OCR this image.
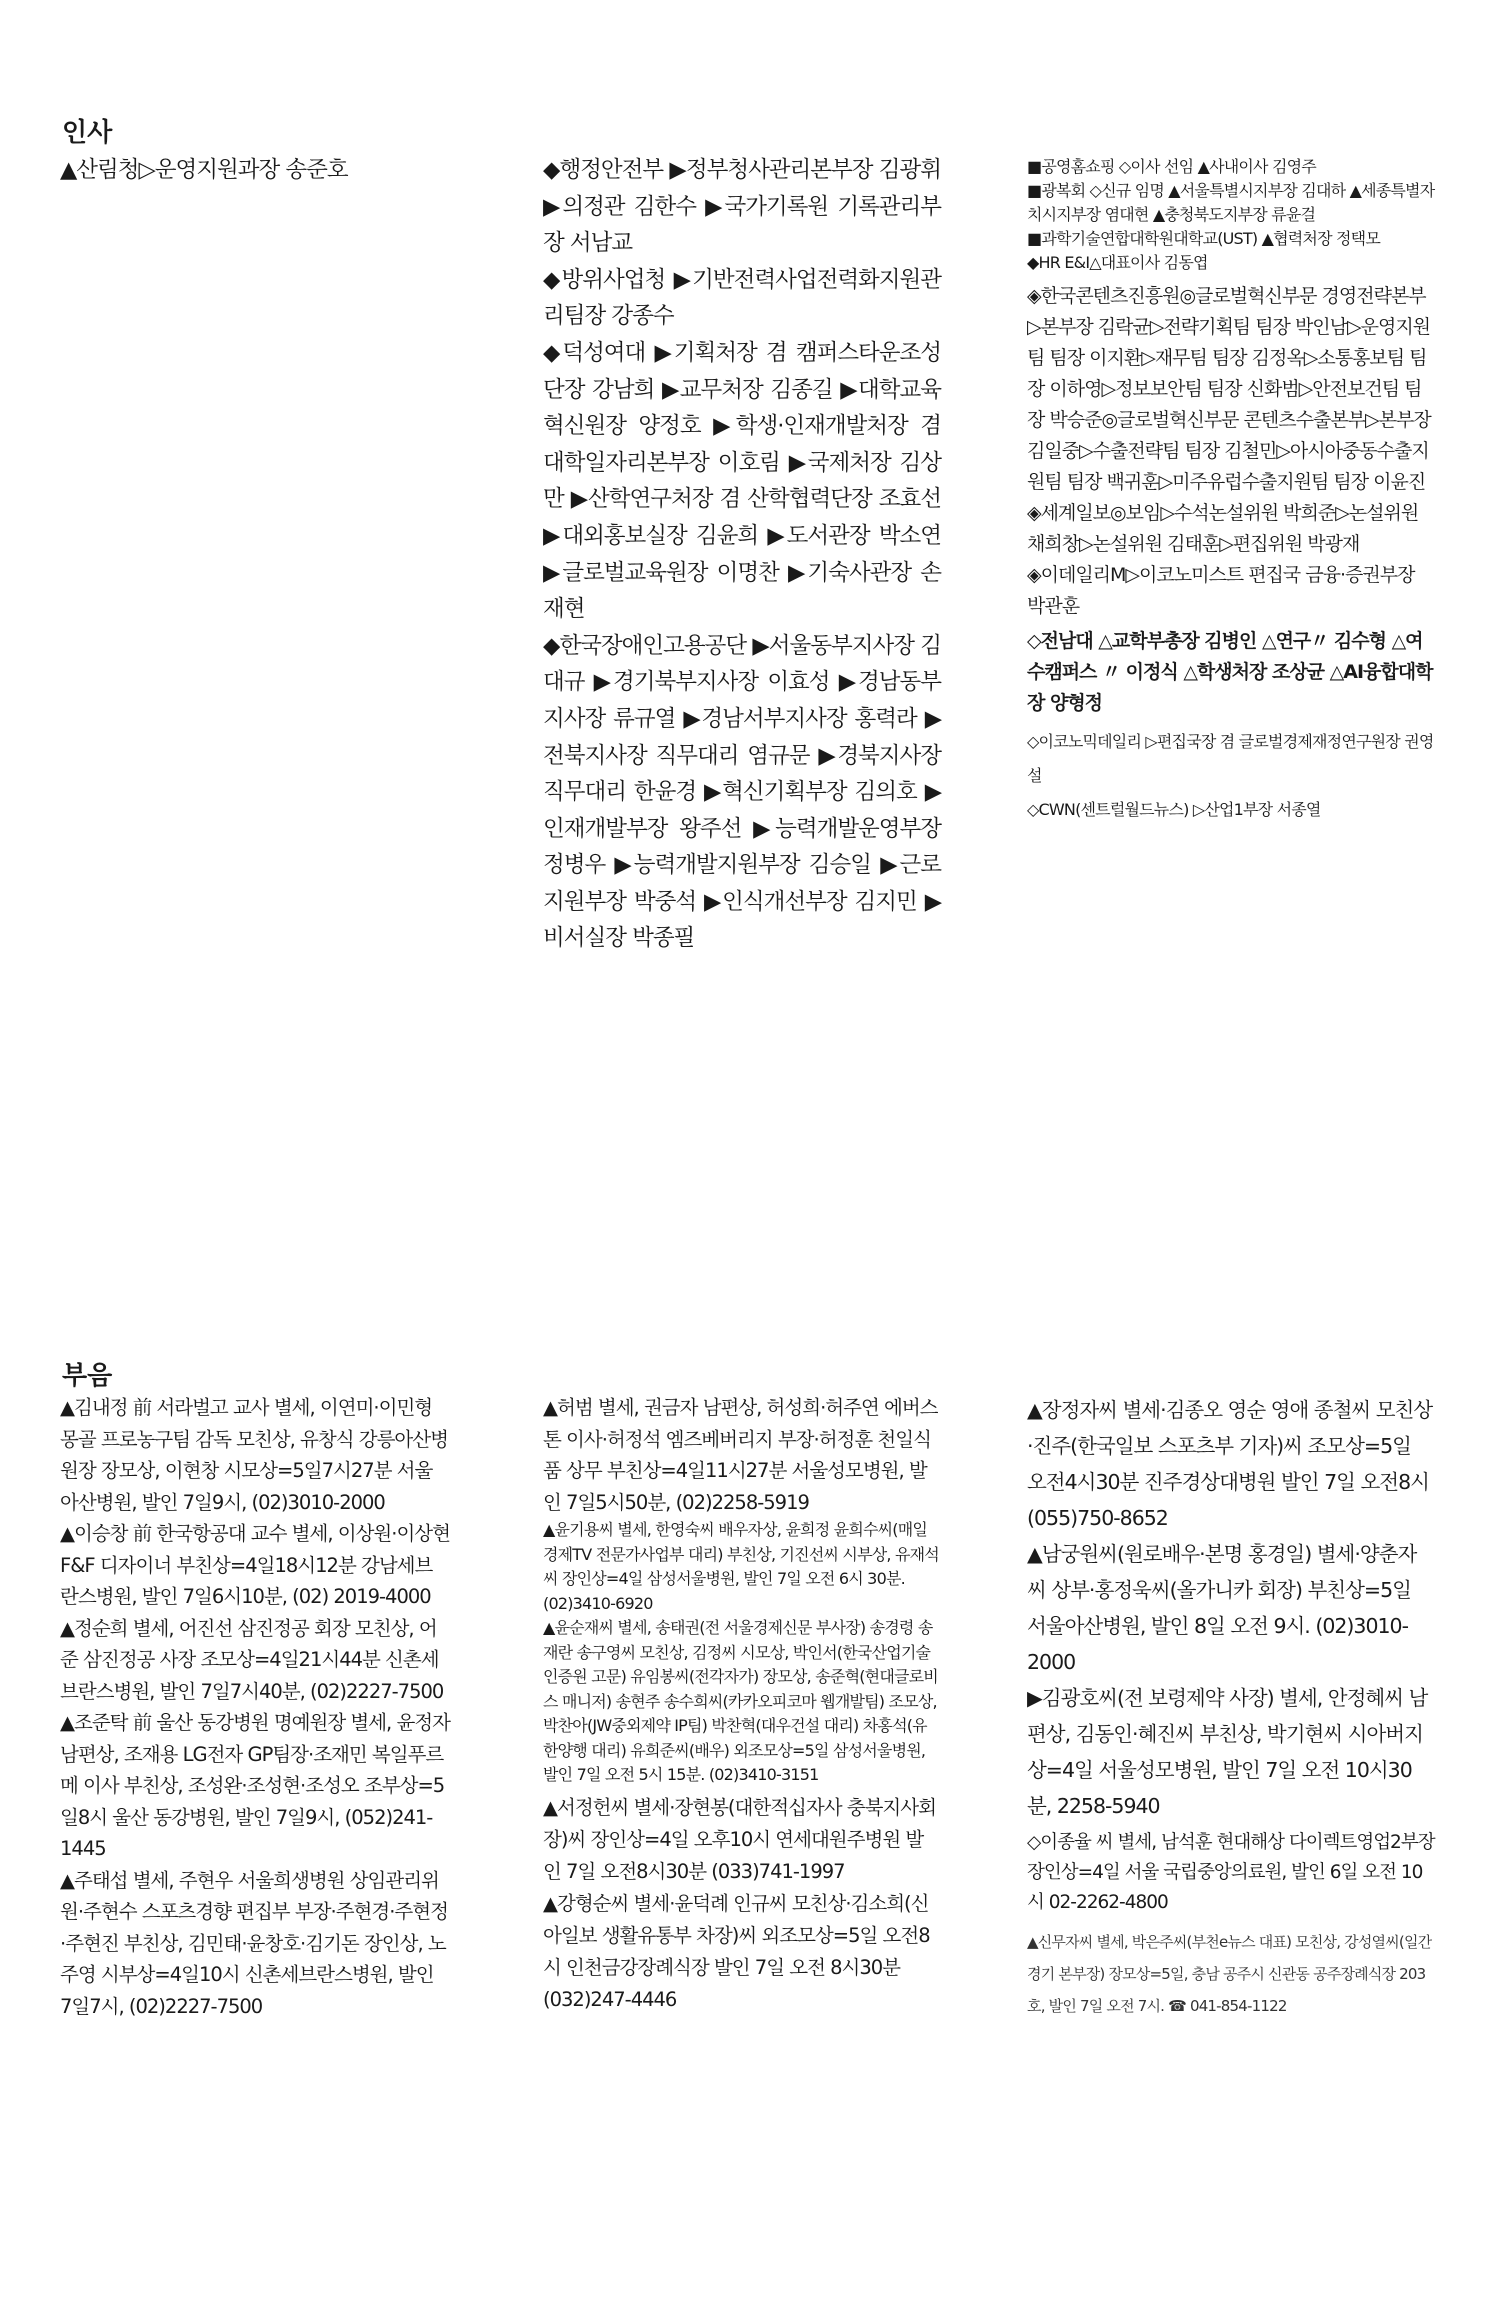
인사

▲산림청▷운영지원과장 송준호	◆행정안전부 ▶정부청사관리본부장 김광휘 ▶의정관 김한수 ▶국가기록원 기록관리부장 서남교

◆방위사업청 ▶기반전력사업전력화지원관리팀장 강종수

◆덕성여대 ▶기획처장 겸 캠퍼스타운조성단장 강남희 ▶교무처장 김종길 ▶대학교육혁신원장 양정호 ▶학생·인재개발처장 겸 대학일자리본부장 이호림 ▶국제처장 김상만 ▶산학연구처장 겸 산학협력단장 조효선 ▶대외홍보실장 김윤희 ▶도서관장 박소연 ▶글로벌교육원장 이명찬 ▶기숙사관장 손재현

◆한국장애인고용공단 ▶서울동부지사장 김대규 ▶경기북부지사장 이효성 ▶경남동부지사장 류규열 ▶경남서부지사장 홍력라 ▶전북지사장 직무대리 염규문 ▶경북지사장 직무대리 한윤경 ▶혁신기획부장 김의호 ▶인재개발부장 왕주선 ▶능력개발운영부장 정병우 ▶능력개발지원부장 김승일 ▶근로지원부장 박중석 ▶인식개선부장 김지민 ▶비서실장 박종필

■공영홈쇼핑 ◇이사 선임 ▲사내이사 김영주

■광복회 ◇신규 임명 ▲서울특별시지부장 김대하 ▲세종특별자치시지부장 염대현 ▲충청북도지부장 류윤걸

■과학기술연합대학원대학교(UST) ▲협력처장 정택모

◆HR E&I△대표이사 김동엽

◈한국콘텐츠진흥원◎글로벌혁신부문 경영전략본부▷본부장 김락균▷전략기획팀 팀장 박인남▷운영지원팀 팀장 이지환▷재무팀 팀장 김정옥▷소통홍보팀 팀장 이하영▷정보보안팀 팀장 신화범▷안전보건팀 팀장 박승준◎글로벌혁신부문 콘텐츠수출본부▷본부장 김일중▷수출전략팀 팀장 김철민▷아시아중동수출지원팀 팀장 백귀훈▷미주유럽수출지원팀 팀장 이윤진

◈세계일보◎보임▷수석논설위원 박희준▷논설위원 채희창▷논설위원 김태훈▷편집위원 박광재

◈이데일리M▷이코노미스트 편집국 금융·증권부장 박관훈

◇전남대 △교학부총장 김병인 △연구〃 김수형 △여수캠퍼스 〃 이정식 △학생처장 조상균 △AI융합대학장 양형정

◇이코노믹데일리 ▷편집국장 겸 글로벌경제재정연구원장 권영설

◇CWN(센트럴월드뉴스) ▷산업1부장 서종열

부음

▲김내정 前 서라벌고 교사 별세, 이연미·이민형 몽골 프로농구팀 감독 모친상, 유창식 강릉아산병원장 장모상, 이현창 시모상=5일7시27분 서울아산병원, 발인 7일9시, (02)3010-2000

▲이승창 前 한국항공대 교수 별세, 이상원·이상현 F&F 디자이너 부친상=4일18시12분 강남세브란스병원, 발인 7일6시10분, (02) 2019-4000

▲정순희 별세, 어진선 삼진정공 회장 모친상, 어준 삼진정공 사장 조모상=4일21시44분 신촌세브란스병원, 발인 7일7시40분, (02)2227-7500

▲조준탁 前 울산 동강병원 명예원장 별세, 윤정자 남편상, 조재용 LG전자 GP팀장·조재민 복일푸르메 이사 부친상, 조성완·조성현·조성오 조부상=5일8시 울산 동강병원, 발인 7일9시, (052)241-1445

▲주태섭 별세, 주현우 서울희생병원 상임관리위원·주현수 스포츠경향 편집부 부장·주현경·주현정·주현진 부친상, 김민태·윤창호·김기돈 장인상, 노주영 시부상=4일10시 신촌세브란스병원, 발인 7일7시, (02)2227-7500

▲허범 별세, 권금자 남편상, 허성희·허주연 에버스톤 이사·허정석 엠즈베버리지 부장·허정훈 천일식품 상무 부친상=4일11시27분 서울성모병원, 발인 7일5시50분, (02)2258-5919

▲윤기용씨 별세, 한영숙씨 배우자상, 윤희정 윤희수씨(매일경제TV 전문가사업부 대리) 부친상, 기진선씨 시부상, 유재석씨 장인상=4일 삼성서울병원, 발인 7일 오전 6시 30분. (02)3410-6920

▲윤순재씨 별세, 송태권(전 서울경제신문 부사장) 송경령 송재란 송구영씨 모친상, 김정씨 시모상, 박인서(한국산업기술인증원 고문) 유임봉씨(전각자가) 장모상, 송준혁(현대글로비스 매니저) 송현주 송수희씨(카카오피코마 웹개발팀) 조모상, 박찬아(JW중외제약 IP팀) 박찬혁(대우건설 대리) 차홍석(유한양행 대리) 유희준씨(배우) 외조모상=5일 삼성서울병원, 발인 7일 오전 5시 15분. (02)3410-3151

▲서정헌씨 별세·장현봉(대한적십자사 충북지사회장)씨 장인상=4일 오후10시 연세대원주병원 발인 7일 오전8시30분 (033)741-1997

▲강형순씨 별세·윤덕례 인규씨 모친상·김소희(신아일보 생활유통부 차장)씨 외조모상=5일 오전8시 인천금강장례식장 발인 7일 오전 8시30분 (032)247-4446

▲장정자씨 별세·김종오 영순 영애 종철씨 모친상·진주(한국일보 스포츠부 기자)씨 조모상=5일 오전4시30분 진주경상대병원 발인 7일 오전8시 (055)750-8652

▲남궁원씨(원로배우·본명 홍경일) 별세·양춘자씨 상부·홍정욱씨(올가니카 회장) 부친상=5일 서울아산병원, 발인 8일 오전 9시. (02)3010-2000

▶김광호씨(전 보령제약 사장) 별세, 안정혜씨 남편상, 김동인·혜진씨 부친상, 박기현씨 시아버지상=4일 서울성모병원, 발인 7일 오전 10시30분, 2258-5940

◇이종율 씨 별세, 남석훈 현대해상 다이렉트영업2부장 장인상=4일 서울 국립중앙의료원, 발인 6일 오전 10시 02-2262-4800

▲신무자씨 별세, 박은주씨(부천e뉴스 대표) 모친상, 강성열씨(일간경기 본부장) 장모상=5일, 충남 공주시 신관동 공주장례식장 203호, 발인 7일 오전 7시. ☎ 041-854-1122
